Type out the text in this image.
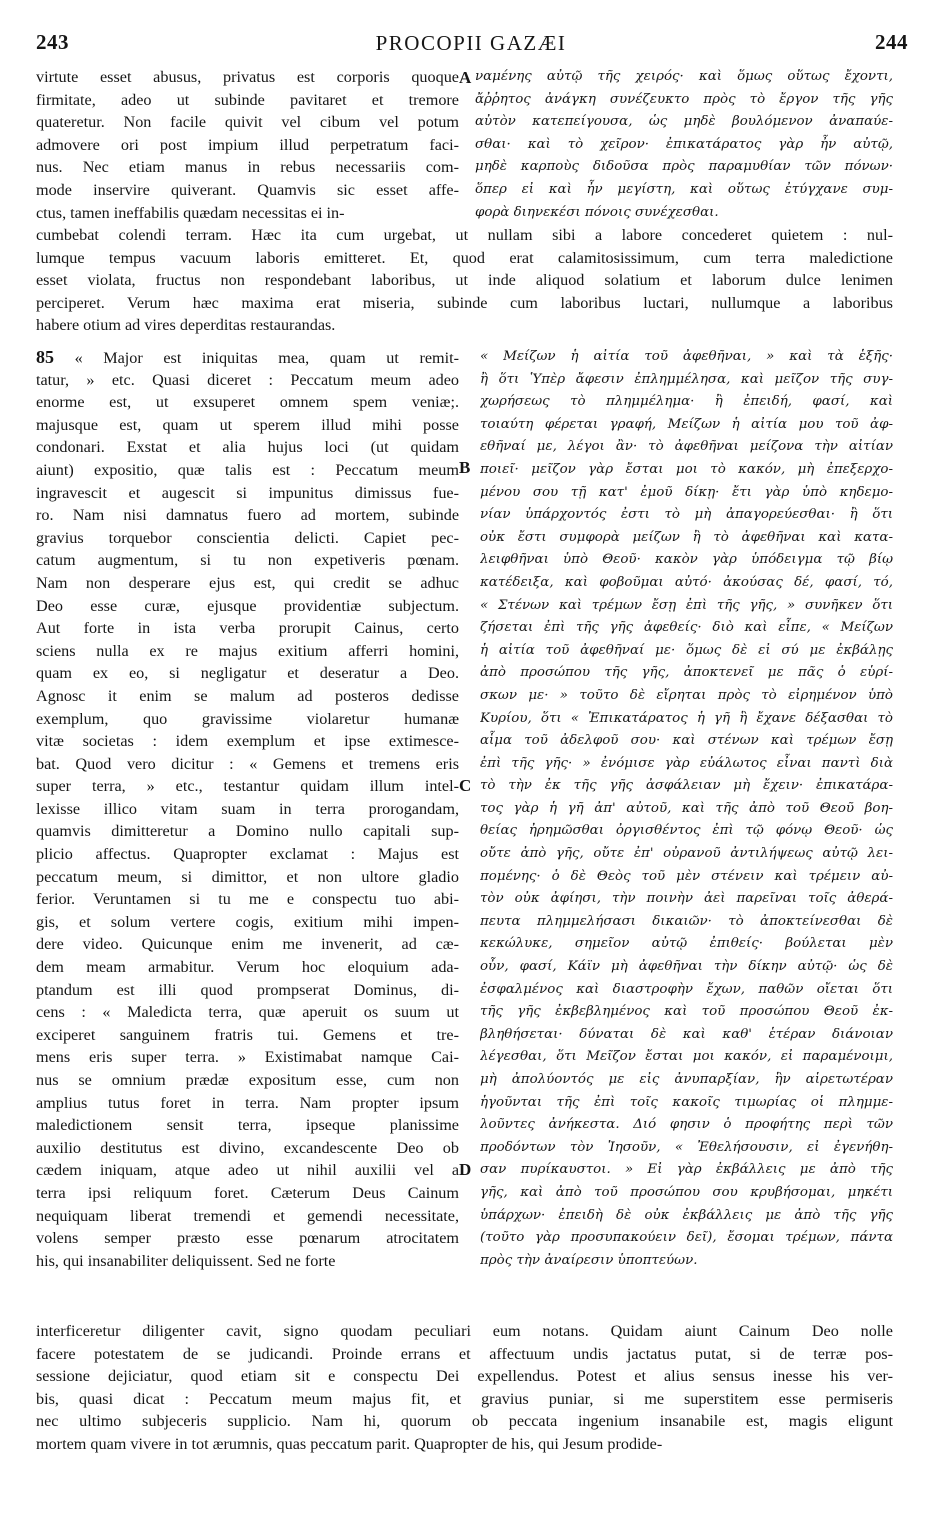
243	PROCOPII GAZÆI	244
virtute esset abusus, privatus est corporis quoque
firmitate, adeo ut subinde pavitaret et tremore
quateretur. Non facile quivit vel cibum vel potum
admovere ori post impium illud perpetratum faci-
nus. Nec etiam manus in rebus necessariis com-
mode inservire quiverant. Quamvis sic esset affe-
ctus, tamen ineffabilis quædam necessitas ei in-
ναμένης αὐτῷ τῆς χειρός· καὶ ὅμως οὕτως ἔχοντι,
ἄῤῥητος ἀνάγκη συνέζευκτο πρὸς τὸ ἔργον τῆς γῆς
αὐτὸν κατεπείγουσα, ὡς μηδὲ βουλόμενον ἀναπαύε-
σθαι· καὶ τὸ χεῖρον· ἐπικατάρατος γὰρ ἦν αὐτῷ,
μηδὲ καρποὺς διδοῦσα πρὸς παραμυθίαν τῶν πόνων·
ὅπερ εἰ καὶ ἦν μεγίστη, καὶ οὕτως ἐτύγχανε συμ-
φορὰ διηνεκέσι πόνοις συνέχεσθαι.
cumbebat colendi terram. Hæc ita cum urgebat, ut nullam sibi a labore concederet quietem : nul-
lumque tempus vacuum laboris emitteret. Et, quod erat calamitosissimum, cum terra maledictione
esset violata, fructus non respondebant laboribus, ut inde aliquod solatium et laborum dulce lenimen
perciperet. Verum hæc maxima erat miseria, subinde cum laboribus luctari, nullumque a laboribus
habere otium ad vires deperditas restaurandas.
85 « Major est iniquitas mea, quam ut remit-
tatur, » etc. Quasi diceret : Peccatum meum adeo
enorme est, ut exsuperet omnem spem veniæ;.
majusque est, quam ut sperem illud mihi posse
condonari. Exstat et alia hujus loci (ut quidam
aiunt) expositio, quæ talis est : Peccatum meum
ingravescit et augescit si impunitus dimissus fue-
ro. Nam nisi damnatus fuero ad mortem, subinde
gravius torquebor conscientia delicti. Capiet pec-
catum augmentum, si tu non expetiveris pœnam.
Nam non desperare ejus est, qui credit se adhuc
Deo esse curæ, ejusque providentiæ subjectum.
Aut forte in ista verba prorupit Cainus, certo
sciens nulla ex re majus exitium afferri homini,
quam ex eo, si negligatur et deseratur a Deo.
Agnosc it enim se malum ad posteros dedisse
exemplum, quo gravissime violaretur humanæ
vitæ societas : idem exemplum et ipse extimesce-
bat. Quod vero dicitur : « Gemens et tremens eris
super terra, » etc., testantur quidam illum intel-
lexisse illico vitam suam in terra prorogandam,
quamvis dimitteretur a Domino nullo capitali sup-
plicio affectus. Quapropter exclamat : Majus est
peccatum meum, si dimittor, et non ultore gladio
ferior. Veruntamen si tu me e conspectu tuo abi-
gis, et solum vertere cogis, exitium mihi impen-
dere video. Quicunque enim me invenerit, ad cæ-
dem meam armabitur. Verum hoc eloquium ada-
ptandum est illi quod prompserat Dominus, di-
cens : « Maledicta terra, quæ aperuit os suum ut
exciperet sanguinem fratris tui. Gemens et tre-
mens eris super terra. » Existimabat namque Cai-
nus se omnium prædæ expositum esse, cum non
amplius tutus foret in terra. Nam propter ipsum
maledictionem sensit terra, ipseque planissime
auxilio destitutus est divino, excandescente Deo ob
cædem iniquam, atque adeo ut nihil auxilii vel a
terra ipsi reliquum foret. Cæterum Deus Cainum
nequiquam liberat tremendi et gemendi necessitate,
volens semper præsto esse pœnarum atrocitatem
his, qui insanabiliter deliquissent. Sed ne forte
« Μείζων ἡ αἰτία τοῦ ἀφεθῆναι, » καὶ τὰ ἑξῆς·
ἢ ὅτι Ὑπὲρ ἄφεσιν ἐπλημμέλησα, καὶ μεῖζον τῆς συγ-
χωρήσεως τὸ πλημμέλημα· ἢ ἐπειδή, φασί, καὶ
τοιαύτη φέρεται γραφή, Μείζων ἡ αἰτία μου τοῦ ἀφ-
εθῆναί με, λέγοι ἂν· τὸ ἀφεθῆναι μείζονα τὴν αἰτίαν
ποιεῖ· μεῖζον γὰρ ἔσται μοι τὸ κακόν, μὴ ἐπεξερχο-
μένου σου τῇ κατ' ἐμοῦ δίκῃ· ἔτι γὰρ ὑπὸ κηδεμο-
νίαν ὑπάρχοντός ἐστι τὸ μὴ ἀπαγορεύεσθαι· ἢ ὅτι
οὐκ ἔστι συμφορὰ μείζων ἢ τὸ ἀφεθῆναι καὶ κατα-
λειφθῆναι ὑπὸ Θεοῦ· κακὸν γὰρ ὑπόδειγμα τῷ βίῳ
κατέδειξα, καὶ φοβοῦμαι αὐτό· ἀκούσας δέ, φασί, τό,
« Στένων καὶ τρέμων ἔσῃ ἐπὶ τῆς γῆς, » συνῆκεν ὅτι
ζήσεται ἐπὶ τῆς γῆς ἀφεθείς· διὸ καὶ εἶπε, « Μείζων
ἡ αἰτία τοῦ ἀφεθῆναί με· ὅμως δὲ εἰ σύ με ἐκβάλῃς
ἀπὸ προσώπου τῆς γῆς, ἀποκτενεῖ με πᾶς ὁ εὑρί-
σκων με· » τοῦτο δὲ εἴρηται πρὸς τὸ εἰρημένον ὑπὸ
Κυρίου, ὅτι « Ἐπικατάρατος ἡ γῆ ἣ ἔχανε δέξασθαι τὸ
αἷμα τοῦ ἀδελφοῦ σου· καὶ στένων καὶ τρέμων ἔσῃ
ἐπὶ τῆς γῆς· » ἐνόμισε γὰρ εὐάλωτος εἶναι παντὶ διὰ
τὸ τὴν ἐκ τῆς γῆς ἀσφάλειαν μὴ ἔχειν· ἐπικατάρα-
τος γὰρ ἡ γῆ ἀπ' αὐτοῦ, καὶ τῆς ἀπὸ τοῦ Θεοῦ βοη-
θείας ἠρημῶσθαι ὀργισθέντος ἐπὶ τῷ φόνῳ Θεοῦ· ὡς
οὔτε ἀπὸ γῆς, οὔτε ἐπ' οὐρανοῦ ἀντιλήψεως αὐτῷ λει-
πομένης· ὁ δὲ Θεὸς τοῦ μὲν στένειν καὶ τρέμειν αὐ-
τὸν οὐκ ἀφίησι, τὴν ποινὴν ἀεὶ παρεῖναι τοῖς ἀθερά-
πευτα πλημμελήσασι δικαιῶν· τὸ ἀποκτείνεσθαι δὲ
κεκώλυκε, σημεῖον αὐτῷ ἐπιθείς· βούλεται μὲν
οὖν, φασί, Κάϊν μὴ ἀφεθῆναι τὴν δίκην αὐτῷ· ὡς δὲ
ἐσφαλμένος καὶ διαστροφὴν ἔχων, παθῶν οἴεται ὅτι
τῆς γῆς ἐκβεβλημένος καὶ τοῦ προσώπου Θεοῦ ἐκ-
βληθήσεται· δύναται δὲ καὶ καθ' ἑτέραν διάνοιαν
λέγεσθαι, ὅτι Μεῖζον ἔσται μοι κακόν, εἰ παραμένοιμι,
μὴ ἀπολύοντός με εἰς ἀνυπαρξίαν, ἣν αἱρετωτέραν
ἡγοῦνται τῆς ἐπὶ τοῖς κακοῖς τιμωρίας οἱ πλημμε-
λοῦντες ἀνήκεστα. Διό φησιν ὁ προφήτης περὶ τῶν
προδόντων τὸν Ἰησοῦν, « Ἐθελήσουσιν, εἰ ἐγενήθη-
σαν πυρίκαυστοι. » Εἰ γὰρ ἐκβάλλεις με ἀπὸ τῆς
γῆς, καὶ ἀπὸ τοῦ προσώπου σου κρυβήσομαι, μηκέτι
ὑπάρχων· ἐπειδὴ δὲ οὐκ ἐκβάλλεις με ἀπὸ τῆς γῆς
(τοῦτο γὰρ προσυπακούειν δεῖ), ἔσομαι τρέμων, πάντα
πρὸς τὴν ἀναίρεσιν ὑποπτεύων.
interficeretur diligenter cavit, signo quodam peculiari eum notans. Quidam aiunt Cainum Deo nolle
facere potestatem de se judicandi. Proinde errans et affectuum undis jactatus putat, si de terræ pos-
sessione dejiciatur, quod etiam sit e conspectu Dei expellendus. Potest et alius sensus inesse his ver-
bis, quasi dicat : Peccatum meum majus fit, et gravius puniar, si me superstitem esse permiseris
nec ultimo subjeceris supplicio. Nam hi, quorum ob peccata ingenium insanabile est, magis eligunt
mortem quam vivere in tot ærumnis, quas peccatum parit. Quapropter de his, qui Jesum prodide-
A
B
C
D
